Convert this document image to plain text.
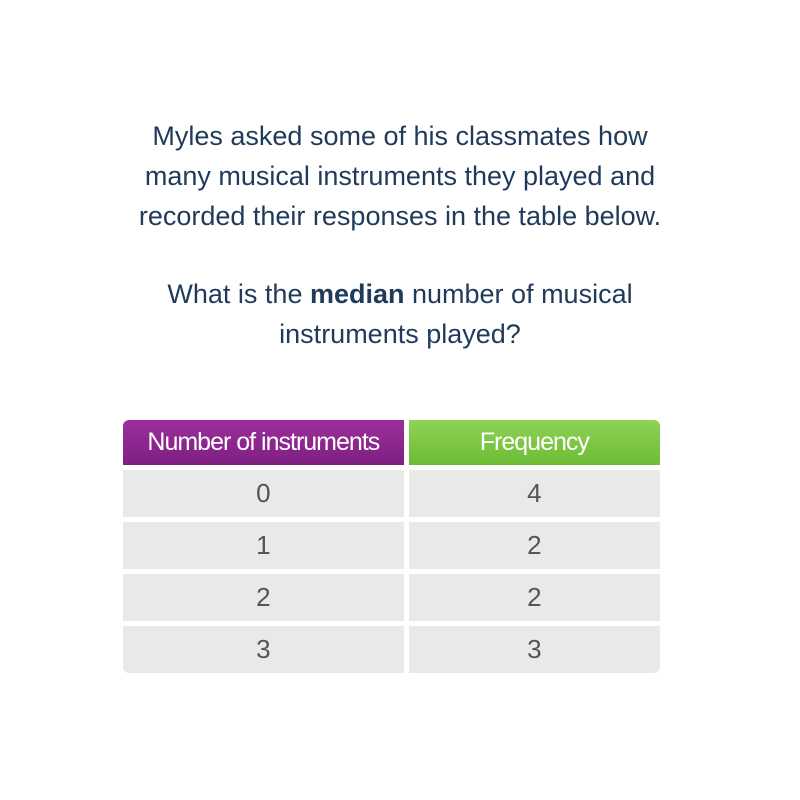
Myles asked some of his classmates how

many musical instruments they played and

recorded their responses in the table below.

What is the median number of musical

instruments played?

Number of instruments	Frequency
0	4
1	2
2	2
3	3
